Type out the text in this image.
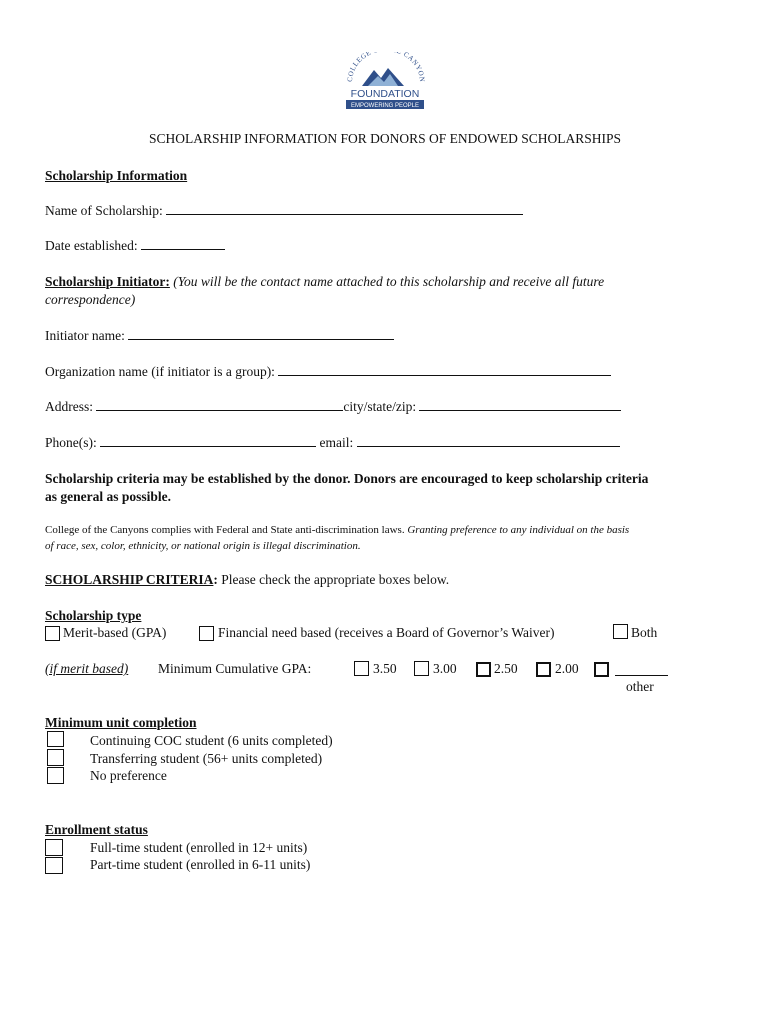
COLLEGE CANYON
FOUNDATION
EMPOWERING PEOPLE
SCHOLARSHIP INFORMATION FOR DONORS OF ENDOWED SCHOLARSHIPS
Scholarship Information
Name of Scholarship:
Date established:
Scholarship Initiator: (You will be the contact name attached to this scholarship and receive all future
correspondence)
Initiator name:
Organization name (if initiator is a group):
Address:	city/state/zip:
Phone(s):	email:
Scholarship criteria may be established by the donor. Donors are encouraged to keep scholarship criteria
as general as possible.
College of the Canyons complies with Federal and State anti-discrimination laws. Granting preference to any individual on the basis
of race, sex, color, ethnicity, or national origin is illegal discrimination.
SCHOLARSHIP CRITERIA: Please check the appropriate boxes below.
Scholarship type
Merit-based (GPA)	Financial need based (receives a Board of Governor’s Waiver)	Both
(if merit based) Minimum Cumulative GPA:	3.50	3.00	2.50	2.00
other
Minimum unit completion
Continuing COC student (6 units completed)
Transferring student (56+ units completed)
No preference
Enrollment status
Full-time student (enrolled in 12+ units)
Part-time student (enrolled in 6-11 units)
